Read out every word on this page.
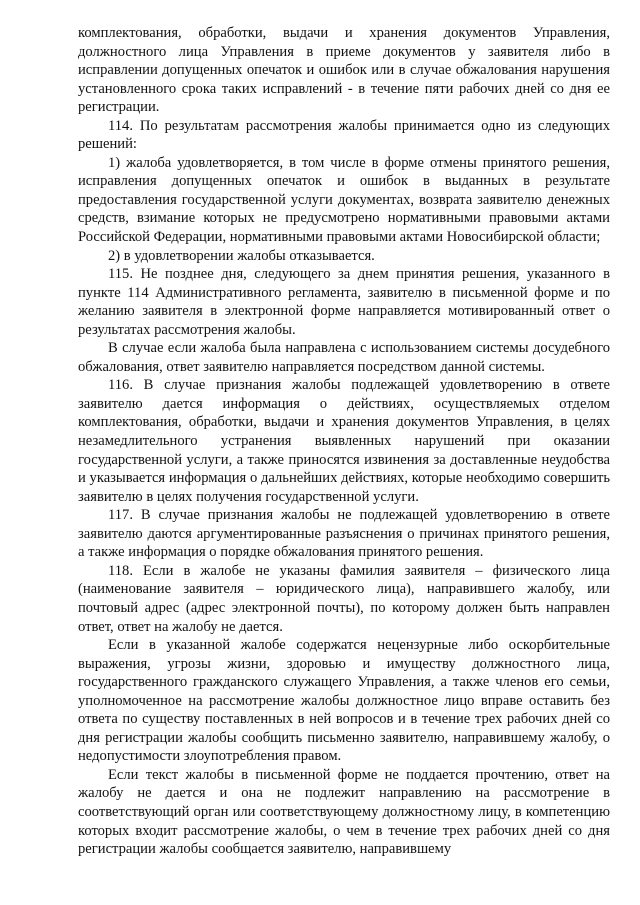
комплектования, обработки, выдачи и хранения документов Управления, должностного лица Управления в приеме документов у заявителя либо в исправлении допущенных опечаток и ошибок или в случае обжалования нарушения установленного срока таких исправлений - в течение пяти рабочих дней со дня ее регистрации.

114. По результатам рассмотрения жалобы принимается одно из следующих решений:

1) жалоба удовлетворяется, в том числе в форме отмены принятого решения, исправления допущенных опечаток и ошибок в выданных в результате предоставления государственной услуги документах, возврата заявителю денежных средств, взимание которых не предусмотрено нормативными правовыми актами Российской Федерации, нормативными правовыми актами Новосибирской области;

2) в удовлетворении жалобы отказывается.

115. Не позднее дня, следующего за днем принятия решения, указанного в пункте 114 Административного регламента, заявителю в письменной форме и по желанию заявителя в электронной форме направляется мотивированный ответ о результатах рассмотрения жалобы.

В случае если жалоба была направлена с использованием системы досудебного обжалования, ответ заявителю направляется посредством данной системы.

116. В случае признания жалобы подлежащей удовлетворению в ответе заявителю дается информация о действиях, осуществляемых отделом комплектования, обработки, выдачи и хранения документов Управления, в целях незамедлительного устранения выявленных нарушений при оказании государственной услуги, а также приносятся извинения за доставленные неудобства и указывается информация о дальнейших действиях, которые необходимо совершить заявителю в целях получения государственной услуги.

117. В случае признания жалобы не подлежащей удовлетворению в ответе заявителю даются аргументированные разъяснения о причинах принятого решения, а также информация о порядке обжалования принятого решения.

118. Если в жалобе не указаны фамилия заявителя – физического лица (наименование заявителя – юридического лица), направившего жалобу, или почтовый адрес (адрес электронной почты), по которому должен быть направлен ответ, ответ на жалобу не дается.

Если в указанной жалобе содержатся нецензурные либо оскорбительные выражения, угрозы жизни, здоровью и имуществу должностного лица, государственного гражданского служащего Управления, а также членов его семьи, уполномоченное на рассмотрение жалобы должностное лицо вправе оставить без ответа по существу поставленных в ней вопросов и в течение трех рабочих дней со дня регистрации жалобы сообщить письменно заявителю, направившему жалобу, о недопустимости злоупотребления правом.

Если текст жалобы в письменной форме не поддается прочтению, ответ на жалобу не дается и она не подлежит направлению на рассмотрение в соответствующий орган или соответствующему должностному лицу, в компетенцию которых входит рассмотрение жалобы, о чем в течение трех рабочих дней со дня регистрации жалобы сообщается заявителю, направившему
